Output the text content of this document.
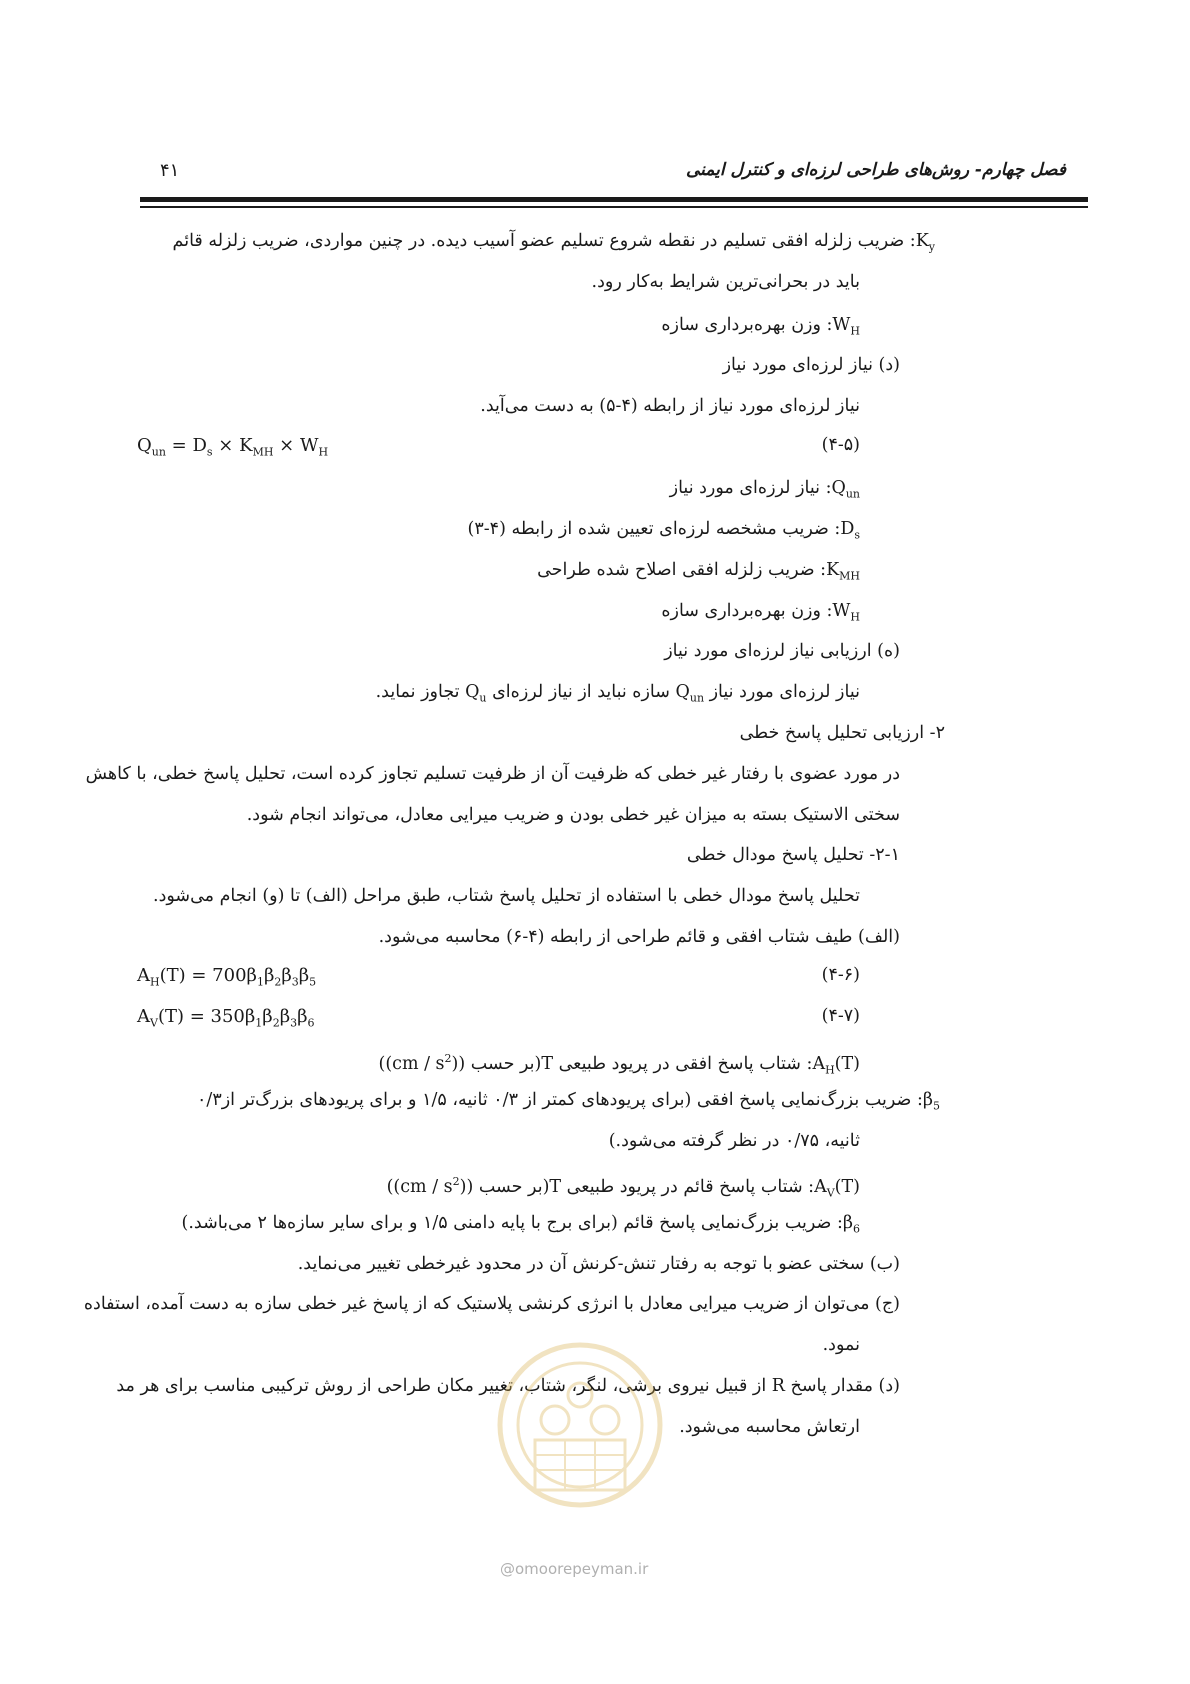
فصل چهارم- روش‌های طراحی لرزه‌ای و کنترل ایمنی
۴۱
$K_y$: ضریب زلزله افقی تسلیم در نقطه شروع تسلیم عضو آسیب دیده. در چنین مواردی، ضریب زلزله قائم
باید در بحرانی‌ترین شرایط به‌کار رود.
$W_H$: وزن بهره‌برداری سازه
(د) نیاز لرزه‌ای مورد نیاز
نیاز لرزه‌ای مورد نیاز از رابطه (۴-۵) به دست می‌آید.
$Q_{un} = D_s \times K_{MH} \times W_H$	(۴-۵)
$Q_{un}$: نیاز لرزه‌ای مورد نیاز
$D_s$: ضریب مشخصه لرزه‌ای تعیین شده از رابطه (۴-۳)
$K_{MH}$: ضریب زلزله افقی اصلاح شده طراحی
$W_H$: وزن بهره‌برداری سازه
(ه) ارزیابی نیاز لرزه‌ای مورد نیاز
نیاز لرزه‌ای مورد نیاز $Q_{un}$ سازه نباید از نیاز لرزه‌ای $Q_u$ تجاوز نماید.
۲- ارزیابی تحلیل پاسخ خطی
در مورد عضوی با رفتار غیر خطی که ظرفیت آن از ظرفیت تسلیم تجاوز کرده است، تحلیل پاسخ خطی، با کاهش
سختی الاستیک بسته به میزان غیر خطی بودن و ضریب میرایی معادل، می‌تواند انجام شود.
۲-۱- تحلیل پاسخ مودال خطی
تحلیل پاسخ مودال خطی با استفاده از تحلیل پاسخ شتاب، طبق مراحل (الف) تا (و) انجام می‌شود.
(الف) طیف شتاب افقی و قائم طراحی از رابطه (۴-۶) محاسبه می‌شود.
$A_H(T) = 700\beta_1\beta_2\beta_3\beta_5$	(۴-۶)
$A_V(T) = 350\beta_1\beta_2\beta_3\beta_6$	(۴-۷)
$A_H(T)$: شتاب پاسخ افقی در پریود طبیعی T(بر حسب $((cm / s^2))$
$\beta_5$: ضریب بزرگ‌نمایی پاسخ افقی (برای پریودهای کمتر از ۰/۳ ثانیه، ۱/۵ و برای پریودهای بزرگ‌تر از۰/۳
ثانیه، ۰/۷۵ در نظر گرفته می‌شود.)
$A_V(T)$: شتاب پاسخ قائم در پریود طبیعی T(بر حسب $((cm / s^2))$
$\beta_6$: ضریب بزرگ‌نمایی پاسخ قائم (برای برج با پایه دامنی ۱/۵ و برای سایر سازه‌ها ۲ می‌باشد.)
(ب) سختی عضو با توجه به رفتار تنش-کرنش آن در محدود غیرخطی تغییر می‌نماید.
(ج) می‌توان از ضریب میرایی معادل با انرژی کرنشی پلاستیک که از پاسخ غیر خطی سازه به دست آمده، استفاده
نمود.
(د) مقدار پاسخ R از قبیل نیروی برشی، لنگر، شتاب، تغییر مکان طراحی از روش ترکیبی مناسب برای هر مد
ارتعاش محاسبه می‌شود.
@omoorepeyman.ir
